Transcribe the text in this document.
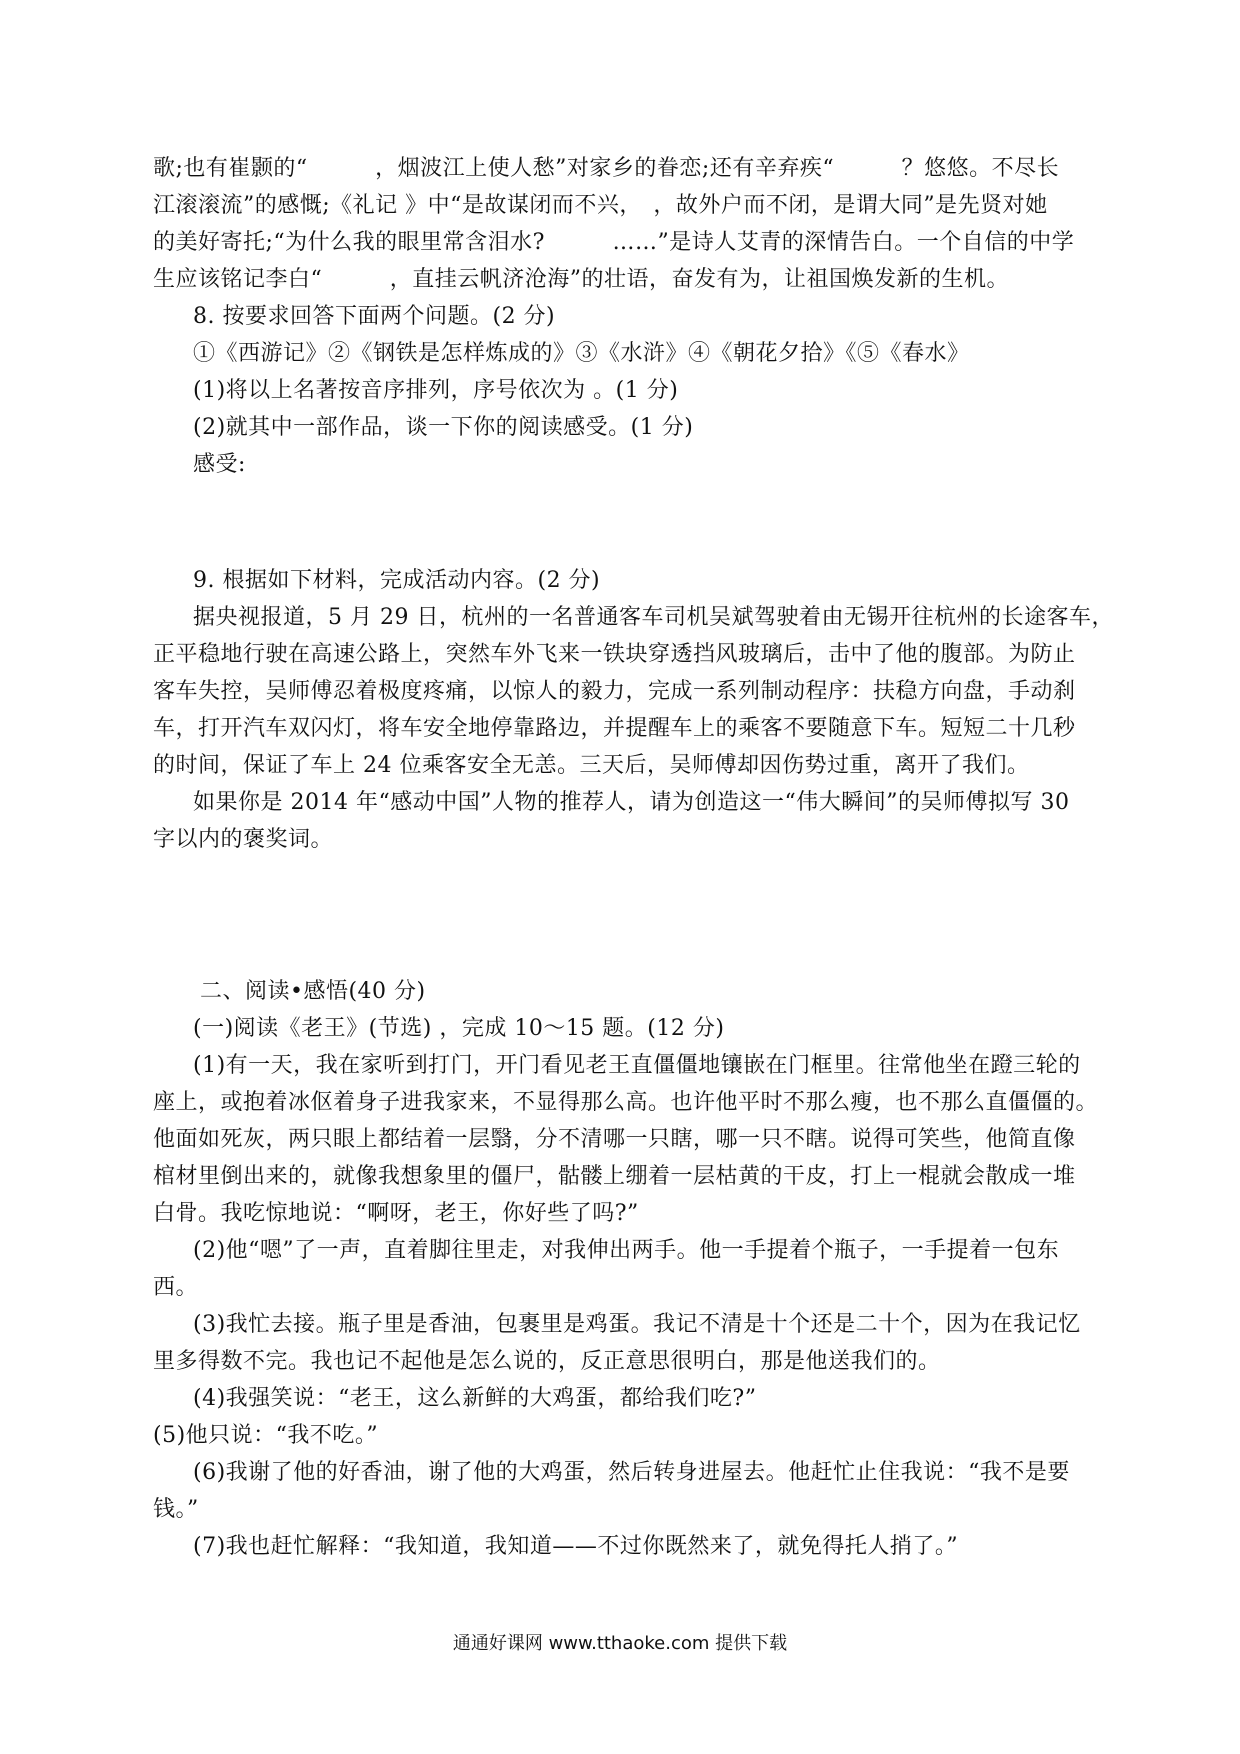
歌;也有崔颢的“　　　，烟波江上使人愁”对家乡的眷恋;还有辛弃疾“　　　？悠悠。不尽长
江滚滚流”的感慨;《礼记 》中“是故谋闭而不兴，　，故外户而不闭，是谓大同”是先贤对她
的美好寄托;“为什么我的眼里常含泪水?　　　……”是诗人艾青的深情告白。一个自信的中学
生应该铭记李白“　　　，直挂云帆济沧海”的壮语，奋发有为，让祖国焕发新的生机。
8. 按要求回答下面两个问题。(2 分)
①《西游记》②《钢铁是怎样炼成的》③《水浒》④《朝花夕拾》《⑤《春水》
(1)将以上名著按音序排列，序号依次为 。(1 分)
(2)就其中一部作品，谈一下你的阅读感受。(1 分)
感受:
9. 根据如下材料，完成活动内容。(2 分)
据央视报道，5 月 29 日，杭州的一名普通客车司机吴斌驾驶着由无锡开往杭州的长途客车，
正平稳地行驶在高速公路上，突然车外飞来一铁块穿透挡风玻璃后，击中了他的腹部。为防止
客车失控，吴师傅忍着极度疼痛，以惊人的毅力，完成一系列制动程序：扶稳方向盘，手动刹
车，打开汽车双闪灯，将车安全地停靠路边，并提醒车上的乘客不要随意下车。短短二十几秒
的时间，保证了车上 24 位乘客安全无恙。三天后，吴师傅却因伤势过重，离开了我们。
如果你是 2014 年“感动中国”人物的推荐人，请为创造这一“伟大瞬间”的吴师傅拟写 30
字以内的褒奖词。
二、阅读•感悟(40 分)
(一)阅读《老王》(节选) ，完成 10～15 题。(12 分)
(1)有一天，我在家听到打门，开门看见老王直僵僵地镶嵌在门框里。往常他坐在蹬三轮的
座上，或抱着冰伛着身子进我家来，不显得那么高。也许他平时不那么瘦，也不那么直僵僵的。
他面如死灰，两只眼上都结着一层翳，分不清哪一只瞎，哪一只不瞎。说得可笑些，他简直像
棺材里倒出来的，就像我想象里的僵尸，骷髅上绷着一层枯黄的干皮，打上一棍就会散成一堆
白骨。我吃惊地说：“啊呀，老王，你好些了吗?”
(2)他“嗯”了一声，直着脚往里走，对我伸出两手。他一手提着个瓶子，一手提着一包东
西。
(3)我忙去接。瓶子里是香油，包裹里是鸡蛋。我记不清是十个还是二十个，因为在我记忆
里多得数不完。我也记不起他是怎么说的，反正意思很明白，那是他送我们的。
(4)我强笑说：“老王，这么新鲜的大鸡蛋，都给我们吃?”
(5)他只说：“我不吃。”
(6)我谢了他的好香油，谢了他的大鸡蛋，然后转身进屋去。他赶忙止住我说：“我不是要
钱。”
(7)我也赶忙解释：“我知道，我知道——不过你既然来了，就免得托人捎了。”
通通好课网 www.tthaoke.com 提供下载
